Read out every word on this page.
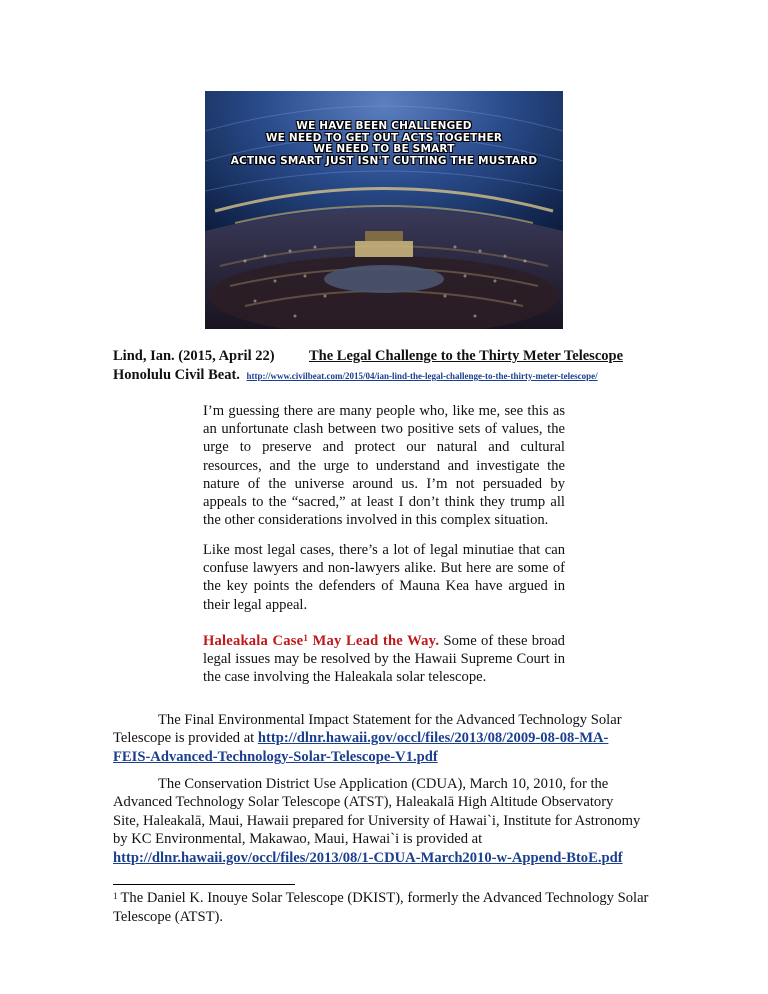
WE HAVE BEEN CHALLENGED
WE NEED TO GET OUT ACTS TOGETHER
WE NEED TO BE SMART
ACTING SMART JUST ISN'T CUTTING THE MUSTARD
Lind, Ian. (2015, April 22) The Legal Challenge to the Thirty Meter Telescope
Honolulu Civil Beat. http://www.civilbeat.com/2015/04/ian-lind-the-legal-challenge-to-the-thirty-meter-telescope/
I’m guessing there are many people who, like me, see this as an unfortunate clash between two positive sets of values, the urge to preserve and protect our natural and cultural resources, and the urge to understand and investigate the nature of the universe around us. I’m not persuaded by appeals to the “sacred,” at least I don’t think they trump all the other considerations involved in this complex situation.
Like most legal cases, there’s a lot of legal minutiae that can confuse lawyers and non-lawyers alike. But here are some of the key points the defenders of Mauna Kea have argued in their legal appeal.
Haleakala Case$^1$ May Lead the Way. Some of these broad legal issues may be resolved by the Hawaii Supreme Court in the case involving the Haleakala solar telescope.
The Final Environmental Impact Statement for the Advanced Technology Solar Telescope is provided at http://dlnr.hawaii.gov/occl/files/2013/08/2009-08-08-MA-FEIS-Advanced-Technology-Solar-Telescope-V1.pdf
The Conservation District Use Application (CDUA), March 10, 2010, for the Advanced Technology Solar Telescope (ATST), Haleakalā High Altitude Observatory Site, Haleakalā, Maui, Hawaii prepared for University of Hawai`i, Institute for Astronomy by KC Environmental, Makawao, Maui, Hawai`i is provided at http://dlnr.hawaii.gov/occl/files/2013/08/1-CDUA-March2010-w-Append-BtoE.pdf
$^1$ The Daniel K. Inouye Solar Telescope (DKIST), formerly the Advanced Technology Solar Telescope (ATST).
